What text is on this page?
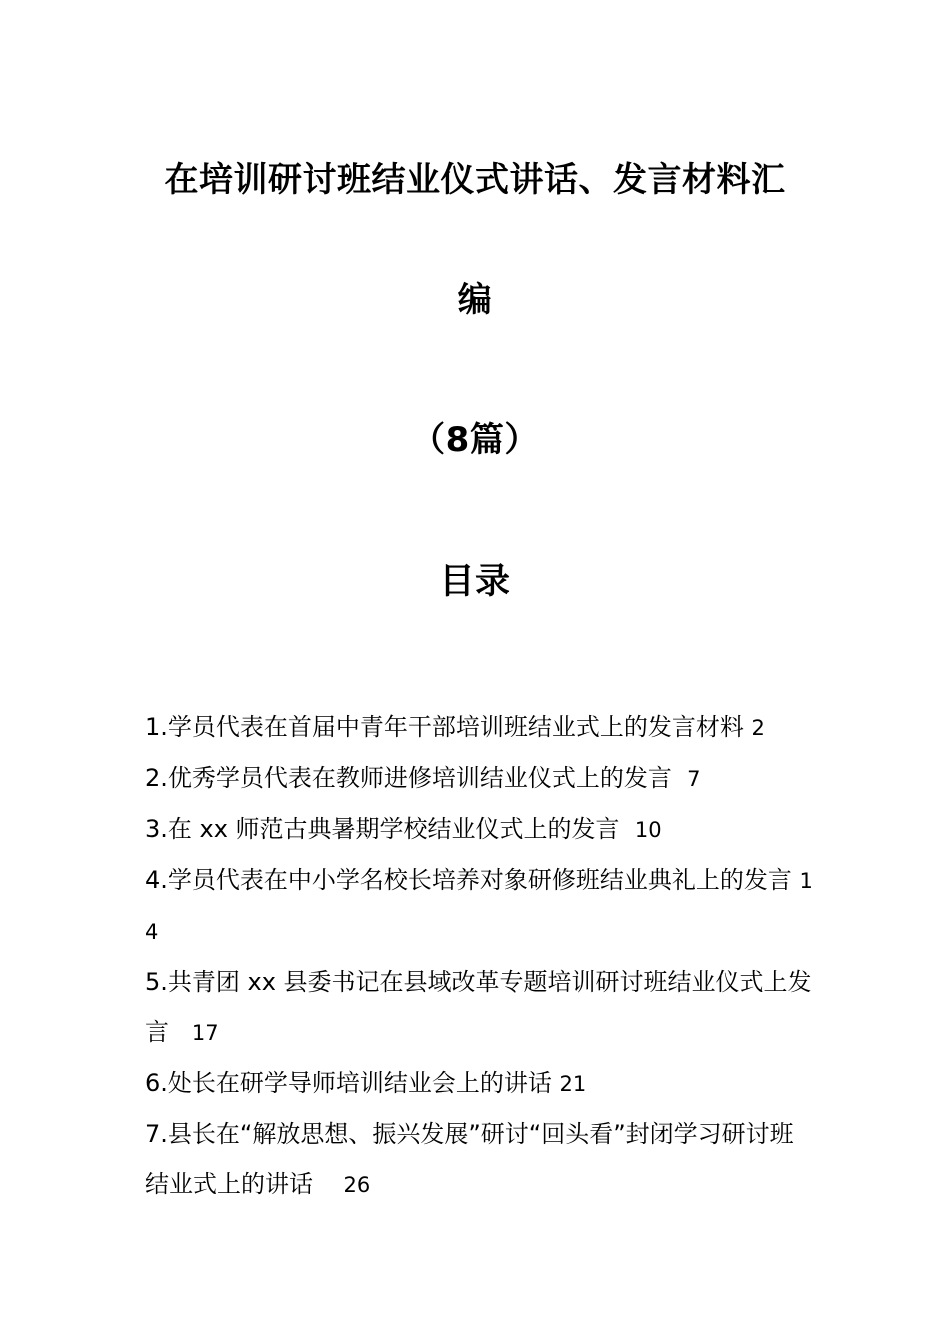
在培训研讨班结业仪式讲话、发言材料汇
编
（8篇）
目录
1.学员代表在首届中青年干部培训班结业式上的发言材料 2
2.优秀学员代表在教师进修培训结业仪式上的发言 7
3.在 xx 师范古典暑期学校结业仪式上的发言 10
4.学员代表在中小学名校长培养对象研修班结业典礼上的发言 14
5.共青团 xx 县委书记在县域改革专题培训研讨班结业仪式上发言 17
6.处长在研学导师培训结业会上的讲话 21
7.县长在“解放思想、振兴发展”研讨“回头看”封闭学习研讨班结业式上的讲话 26
